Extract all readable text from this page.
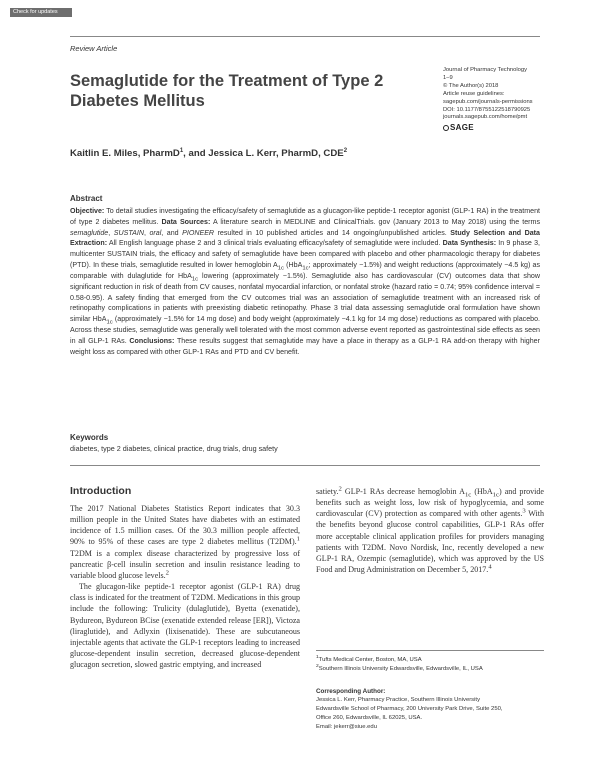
Check for updates
Review Article
Semaglutide for the Treatment of Type 2 Diabetes Mellitus
Journal of Pharmacy Technology
1–9
© The Author(s) 2018
Article reuse guidelines:
sagepub.com/journals-permissions
DOI: 10.1177/8755122518790925
journals.sagepub.com/home/pmt
SAGE
Kaitlin E. Miles, PharmD$^1$, and Jessica L. Kerr, PharmD, CDE$^2$
Abstract

Objective: To detail studies investigating the efficacy/safety of semaglutide as a glucagon-like peptide-1 receptor agonist (GLP-1 RA) in the treatment of type 2 diabetes mellitus. Data Sources: A literature search in MEDLINE and ClinicalTrials. gov (January 2013 to May 2018) using the terms semaglutide, SUSTAIN, oral, and PIONEER resulted in 10 published articles and 14 ongoing/unpublished articles. Study Selection and Data Extraction: All English language phase 2 and 3 clinical trials evaluating efficacy/safety of semaglutide were included. Data Synthesis: In 9 phase 3, multicenter SUSTAIN trials, the efficacy and safety of semaglutide have been compared with placebo and other pharmacologic therapy for diabetes (PTD). In these trials, semaglutide resulted in lower hemoglobin $A_{1c}$ (HbA$_{1c}$; approximately −1.5%) and weight reductions (approximately −4.5 kg) as comparable with dulaglutide for HbA$_{1c}$ lowering (approximately −1.5%). Semaglutide also has cardiovascular (CV) outcomes data that show significant reduction in risk of death from CV causes, nonfatal myocardial infarction, or nonfatal stroke (hazard ratio = 0.74; 95% confidence interval = 0.58-0.95). A safety finding that emerged from the CV outcomes trial was an association of semaglutide treatment with an increased risk of retinopathy complications in patients with preexisting diabetic retinopathy. Phase 3 trial data assessing semaglutide oral formulation have shown similar HbA$_{1c}$ (approximately −1.5% for 14 mg dose) and body weight (approximately −4.1 kg for 14 mg dose) reductions as compared with placebo. Across these studies, semaglutide was generally well tolerated with the most common adverse event reported as gastrointestinal side effects as seen in all GLP-1 RAs. Conclusions: These results suggest that semaglutide may have a place in therapy as a GLP-1 RA add-on therapy with higher weight loss as compared with other GLP-1 RAs and PTD and CV benefit.

Keywords
diabetes, type 2 diabetes, clinical practice, drug trials, drug safety
Introduction

The 2017 National Diabetes Statistics Report indicates that 30.3 million people in the United States have diabetes with an estimated incidence of 1.5 million cases. Of the 30.3 million people affected, 90% to 95% of these cases are type 2 diabetes mellitus (T2DM).$^1$ T2DM is a complex disease characterized by progressive loss of pancreatic β-cell insulin secretion and insulin resistance leading to variable blood glucose levels.$^2$

The glucagon-like peptide-1 receptor agonist (GLP-1 RA) drug class is indicated for the treatment of T2DM. Medications in this group include the following: Trulicity (dulaglutide), Byetta (exenatide), Bydureon, Bydureon BCise (exenatide extended release [ER]), Victoza (liraglutide), and Adlyxin (lixisenatide). These are subcutaneous injectable agents that activate the GLP-1 receptors leading to increased glucose-dependent insulin secretion, decreased glucose-dependent glucagon secretion, slowed gastric emptying, and increased

satiety.$^2$ GLP-1 RAs decrease hemoglobin $A_{1c}$ (HbA$_{1c}$) and provide benefits such as weight loss, low risk of hypoglycemia, and some cardiovascular (CV) protection as compared with other agents.$^3$ With the benefits beyond glucose control capabilities, GLP-1 RAs offer more acceptable clinical application profiles for providers managing patients with T2DM. Novo Nordisk, Inc, recently developed a new GLP-1 RA, Ozempic (semaglutide), which was approved by the US Food and Drug Administration on December 5, 2017.$^4$

$^1$Tufts Medical Center, Boston, MA, USA
$^2$Southern Illinois University Edwardsville, Edwardsville, IL, USA
Corresponding Author:
Jessica L. Kerr, Pharmacy Practice, Southern Illinois University
Edwardsville School of Pharmacy, 200 University Park Drive, Suite 250,
Office 260, Edwardsville, IL 62025, USA.
Email: jekerr@siue.edu
